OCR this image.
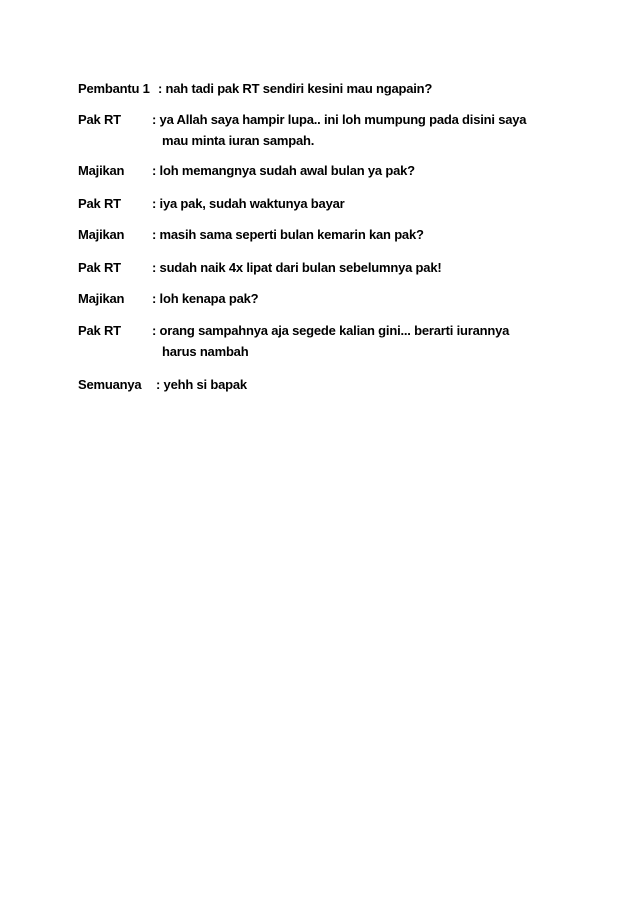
Pembantu 1 : nah tadi pak RT sendiri kesini mau ngapain?
Pak RT : ya Allah saya hampir lupa.. ini loh mumpung pada disini saya
mau minta iuran sampah.
Majikan : loh memangnya sudah awal bulan ya pak?
Pak RT : iya pak, sudah waktunya bayar
Majikan : masih sama seperti bulan kemarin kan pak?
Pak RT : sudah naik 4x lipat dari bulan sebelumnya pak!
Majikan : loh kenapa pak?
Pak RT : orang sampahnya aja segede kalian gini... berarti iurannya
harus nambah
Semuanya : yehh si bapak
